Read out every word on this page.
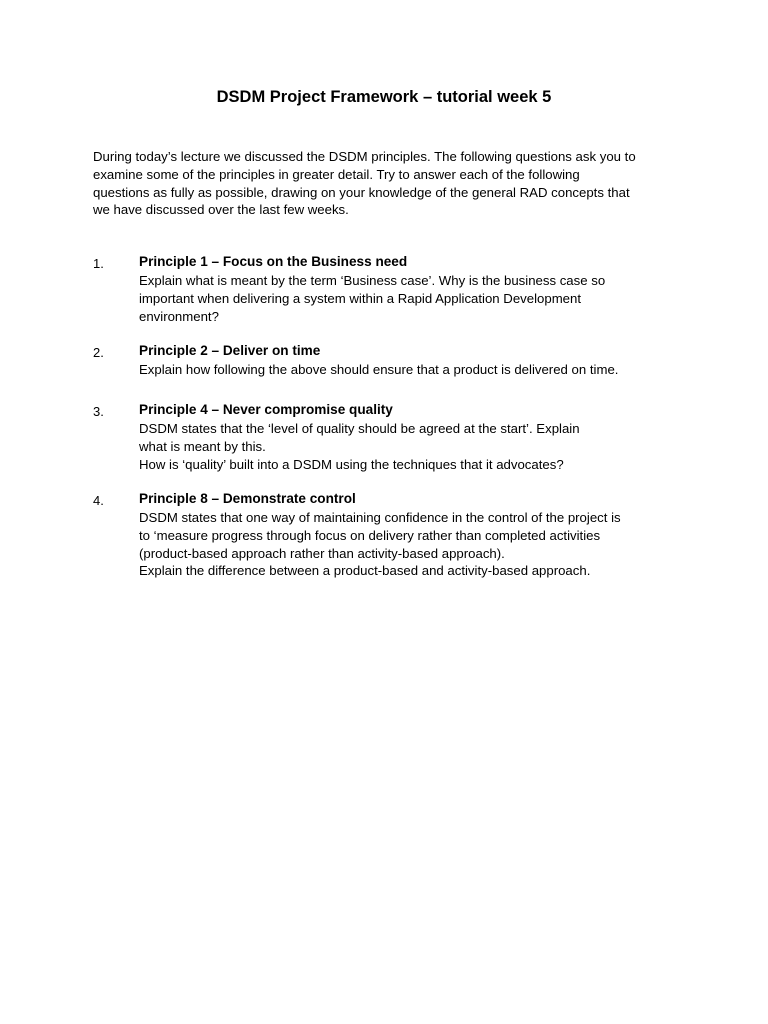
DSDM Project Framework – tutorial week 5
During today’s lecture we discussed the DSDM principles. The following questions ask you to
examine some of the principles in greater detail. Try to answer each of the following
questions as fully as possible, drawing on your knowledge of the general RAD concepts that
we have discussed over the last few weeks.
1.	Principle 1 – Focus on the Business need
Explain what is meant by the term ‘Business case’. Why is the business case so
important when delivering a system within a Rapid Application Development
environment?
2.	Principle 2 – Deliver on time
Explain how following the above should ensure that a product is delivered on time.
3.	Principle 4 – Never compromise quality
DSDM states that the ‘level of quality should be agreed at the start’. Explain
what is meant by this.
How is ‘quality’ built into a DSDM using the techniques that it advocates?
4.	Principle 8 – Demonstrate control
DSDM states that one way of maintaining confidence in the control of the project is
to ‘measure progress through focus on delivery rather than completed activities
(product-based approach rather than activity-based approach).
Explain the difference between a product-based and activity-based approach.
